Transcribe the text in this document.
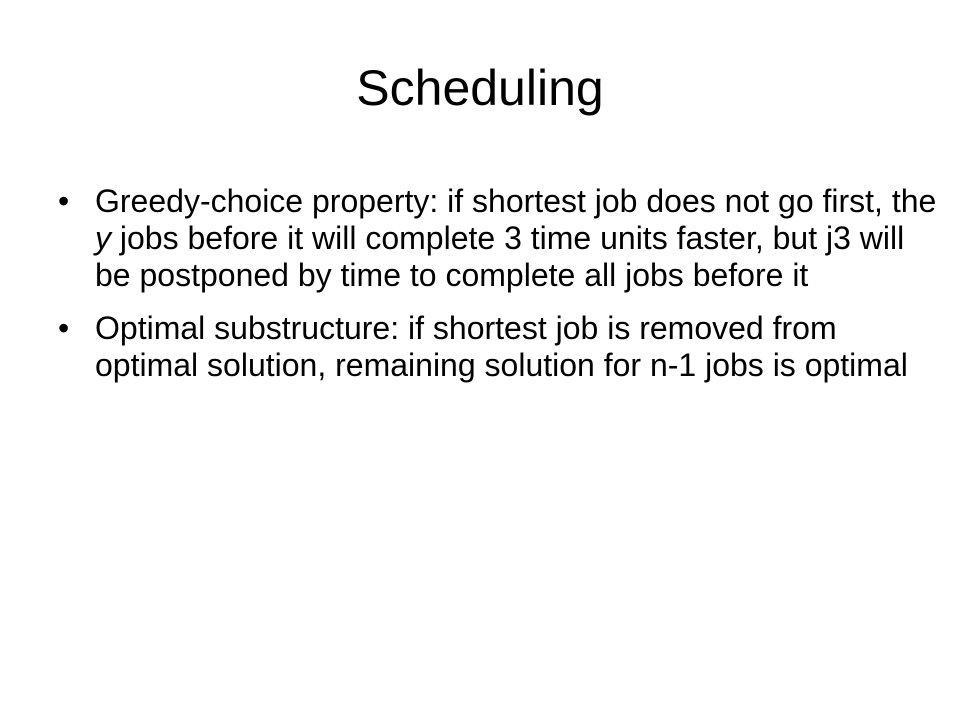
Scheduling
• Greedy-choice property: if shortest job does not go first, the y jobs before it will complete 3 time units faster, but j3 will be postponed by time to complete all jobs before it
• Optimal substructure: if shortest job is removed from optimal solution, remaining solution for n-1 jobs is optimal
